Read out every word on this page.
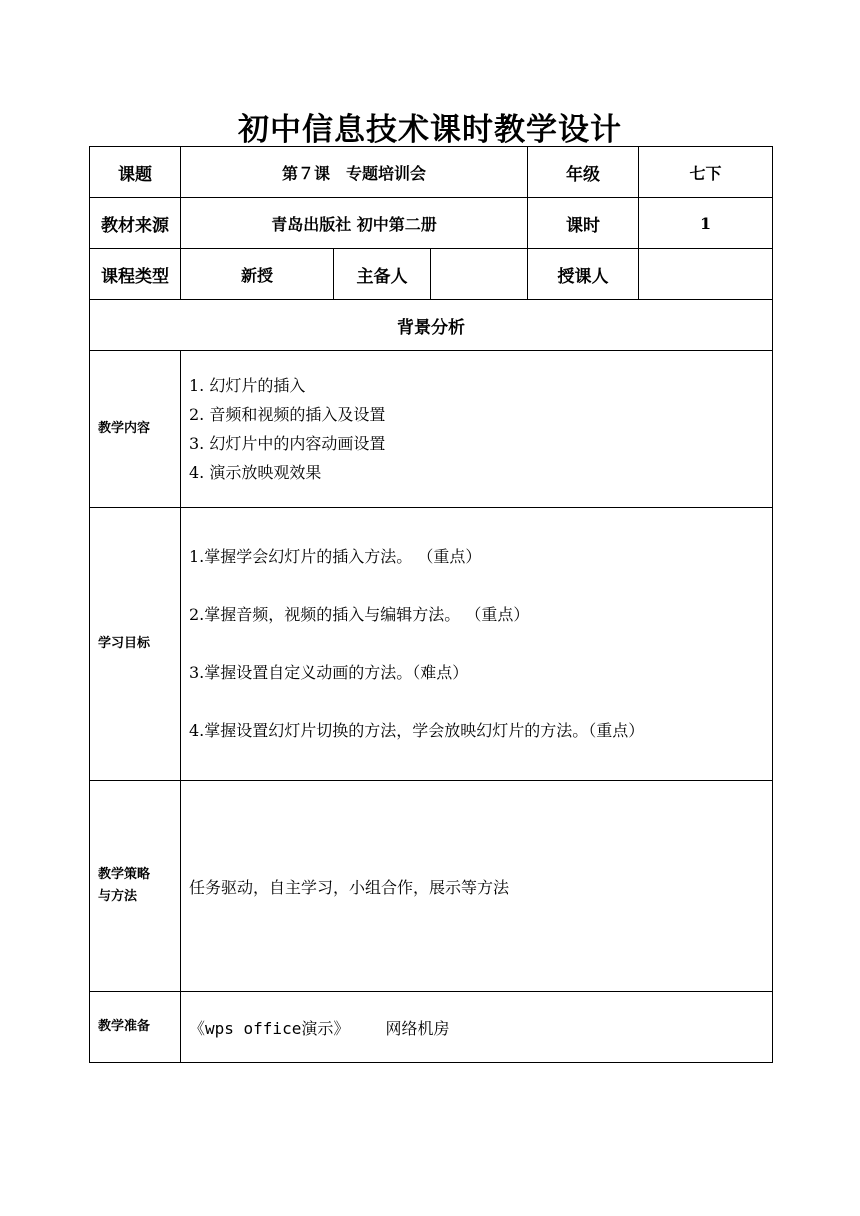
初中信息技术课时教学设计
课题	第７课　专题培训会			年级	七下
教材来源	青岛出版社 初中第二册			课时	1
课程类型	新授	主备人		授课人	
背景分析					
教学内容	1. 幻灯片的插入
2. 音频和视频的插入及设置
3. 幻灯片中的内容动画设置
4. 演示放映观效果				

学习目标	1.掌握学会幻灯片的插入方法。 （重点）
2.掌握音频，视频的插入与编辑方法。 （重点）
3.掌握设置自定义动画的方法。（难点）
4.掌握设置幻灯片切换的方法，学会放映幻灯片的方法。（重点）				

教学策略
与方法	任务驱动，自主学习，小组合作，展示等方法				
教学准备	《wps office演示》 网络机房				
